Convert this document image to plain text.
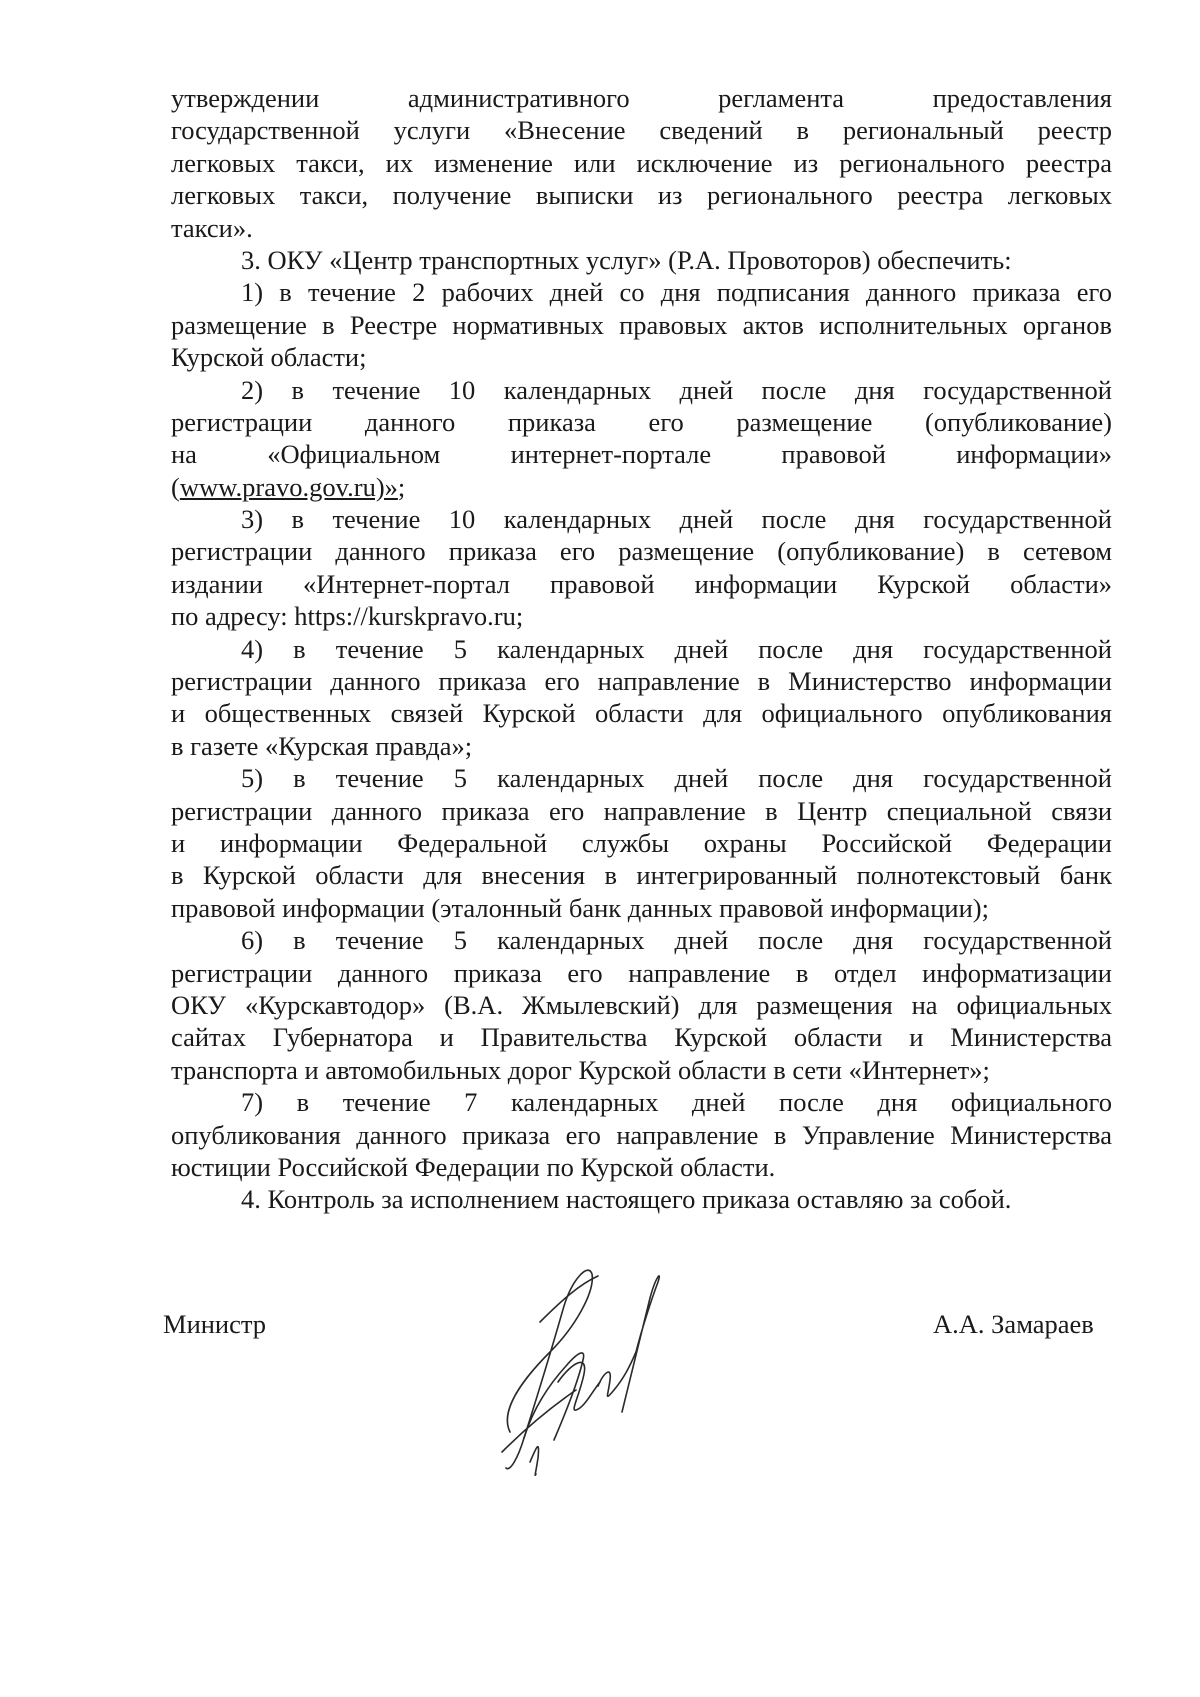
утверждении административного регламента предоставления
государственной услуги «Внесение сведений в региональный реестр
легковых такси, их изменение или исключение из регионального реестра
легковых такси, получение выписки из регионального реестра легковых
такси».
3. ОКУ «Центр транспортных услуг» (Р.А. Провоторов) обеспечить:
1) в течение 2 рабочих дней со дня подписания данного приказа его
размещение в Реестре нормативных правовых актов исполнительных органов
Курской области;
2) в течение 10 календарных дней после дня государственной
регистрации данного приказа его размещение (опубликование)
на «Официальном интернет-портале правовой информации»
(www.pravo.gov.ru)»;
3) в течение 10 календарных дней после дня государственной
регистрации данного приказа его размещение (опубликование) в сетевом
издании «Интернет-портал правовой информации Курской области»
по адресу: https://kurskpravo.ru;
4) в течение 5 календарных дней после дня государственной
регистрации данного приказа его направление в Министерство информации
и общественных связей Курской области для официального опубликования
в газете «Курская правда»;
5) в течение 5 календарных дней после дня государственной
регистрации данного приказа его направление в Центр специальной связи
и информации Федеральной службы охраны Российской Федерации
в Курской области для внесения в интегрированный полнотекстовый банк
правовой информации (эталонный банк данных правовой информации);
6) в течение 5 календарных дней после дня государственной
регистрации данного приказа его направление в отдел информатизации
ОКУ «Курскавтодор» (В.А. Жмылевский) для размещения на официальных
сайтах Губернатора и Правительства Курской области и Министерства
транспорта и автомобильных дорог Курской области в сети «Интернет»;
7) в течение 7 календарных дней после дня официального
опубликования данного приказа его направление в Управление Министерства
юстиции Российской Федерации по Курской области.
4. Контроль за исполнением настоящего приказа оставляю за собой.
Министр	А.А. Замараев
